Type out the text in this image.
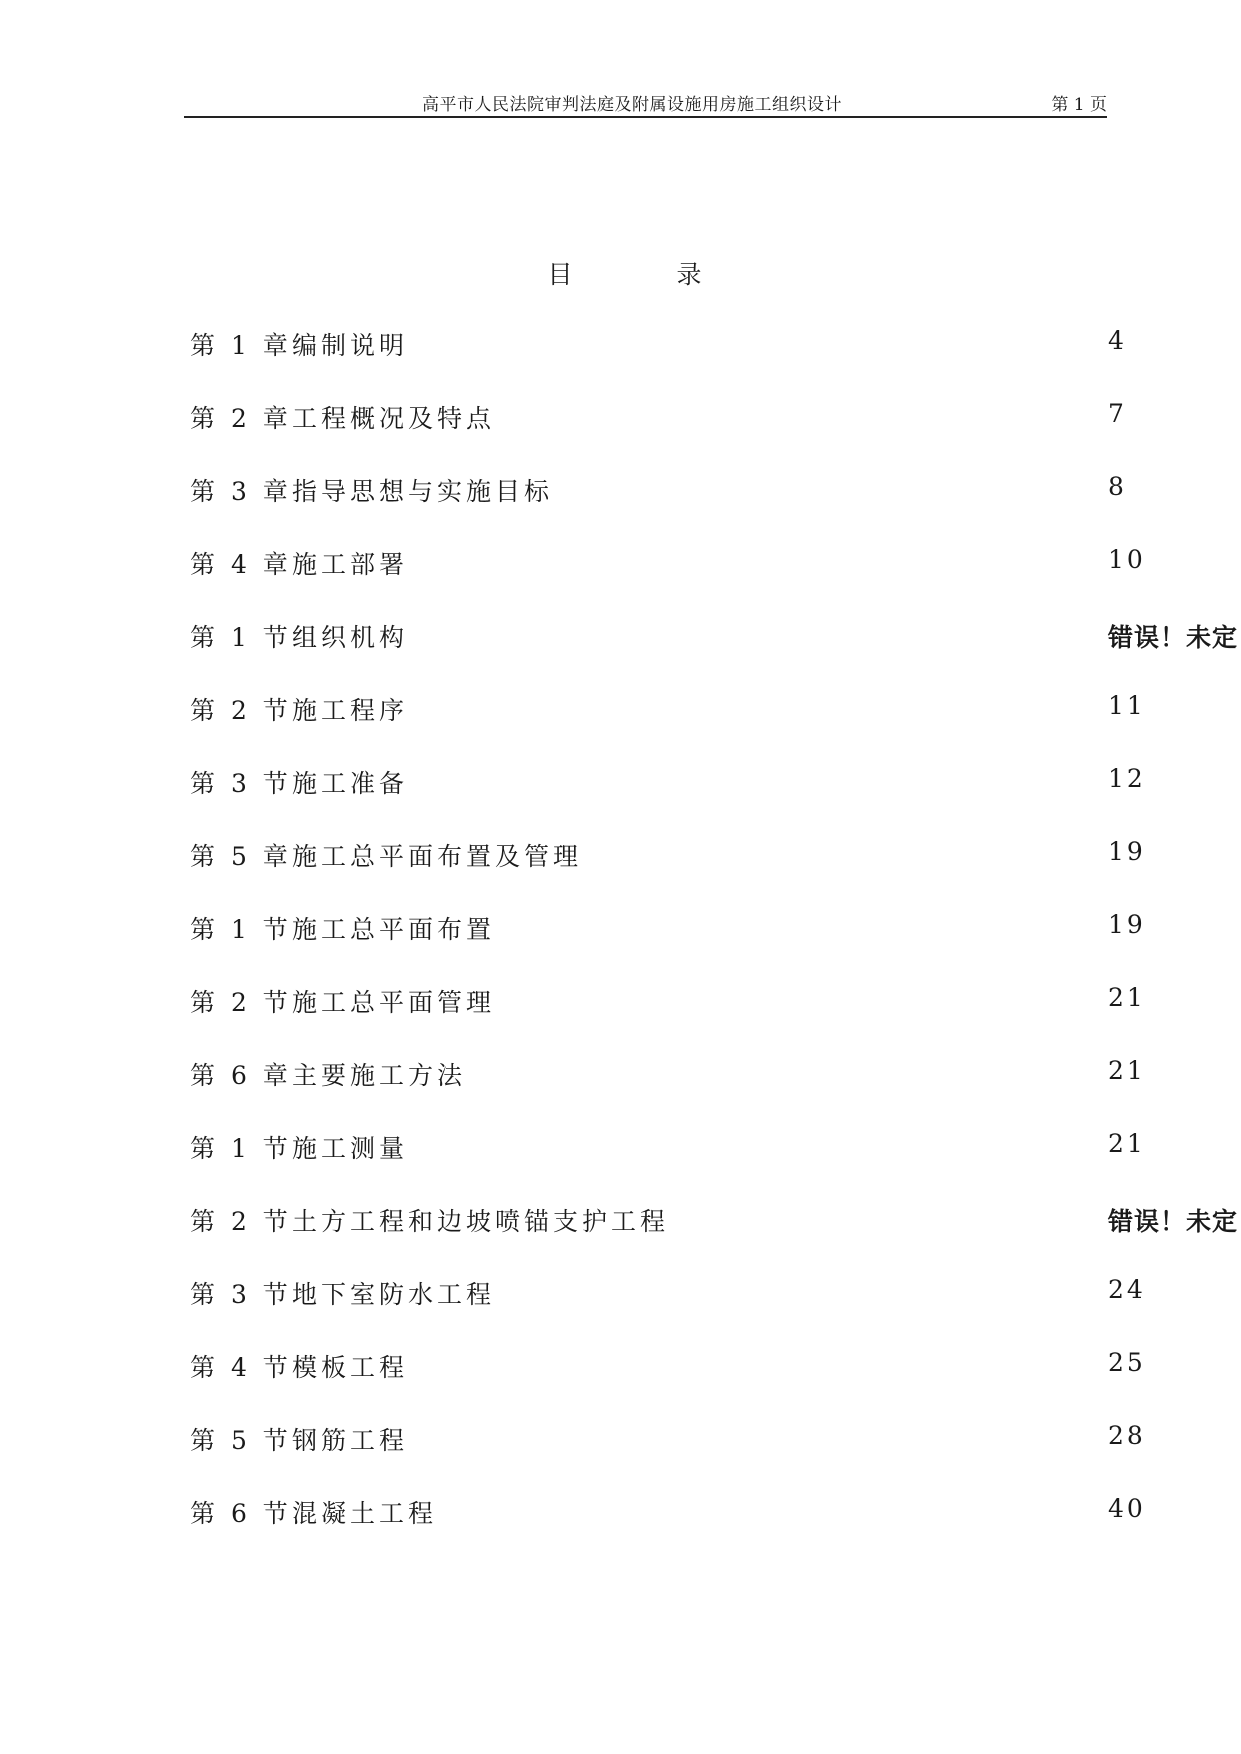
高平市人民法院审判法庭及附属设施用房施工组织设计	第 1 页
目录
第 1 章 编制说明	4
第 2 章 工程概况及特点	7
第 3 章 指导思想与实施目标	8
第 4 章 施工部署	10
第 1 节 组织机构	错误！未定
第 2 节 施工程序	11
第 3 节 施工准备	12
第 5 章 施工总平面布置及管理	19
第 1 节 施工总平面布置	19
第 2 节 施工总平面管理	21
第 6 章 主要施工方法	21
第 1 节 施工测量	21
第 2 节 土方工程和边坡喷锚支护工程	错误！未定
第 3 节 地下室防水工程	24
第 4 节 模板工程	25
第 5 节 钢筋工程	28
第 6 节 混凝土工程	40
